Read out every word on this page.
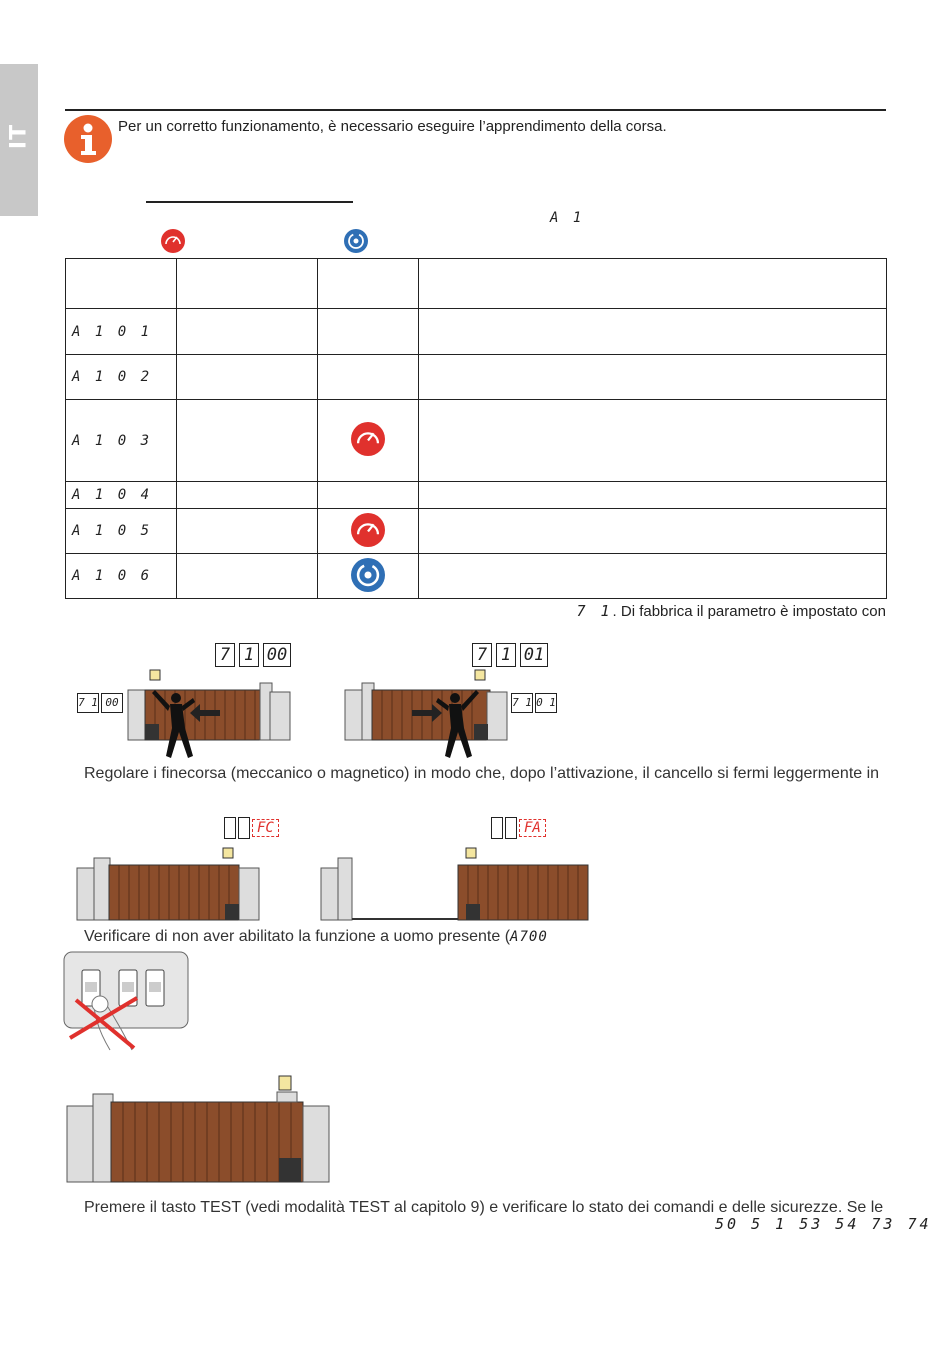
IT	Per un corretto funzionamento, è necessario eseguire l’apprendimento della corsa.
A 1

A 1 0 1			
A 1 0 2			
A 1 0 3			
A 1 0 4			
A 1 0 5			
A 1 0 6			
7 1. Di fabbrica il parametro è impostato con
7 1 00	7 1 01
7 1 00	7 1 0 1
Regolare i finecorsa (meccanico o magnetico) in modo che, dopo l’attivazione, il cancello si fermi leggermente in
FC	FA
Verificare di non aver abilitato la funzione a uomo presente (A700
Premere il tasto TEST (vedi modalità TEST al capitolo 9) e verificare lo stato dei comandi e delle sicurezze. Se le
50 5 1 53 54 73 74
